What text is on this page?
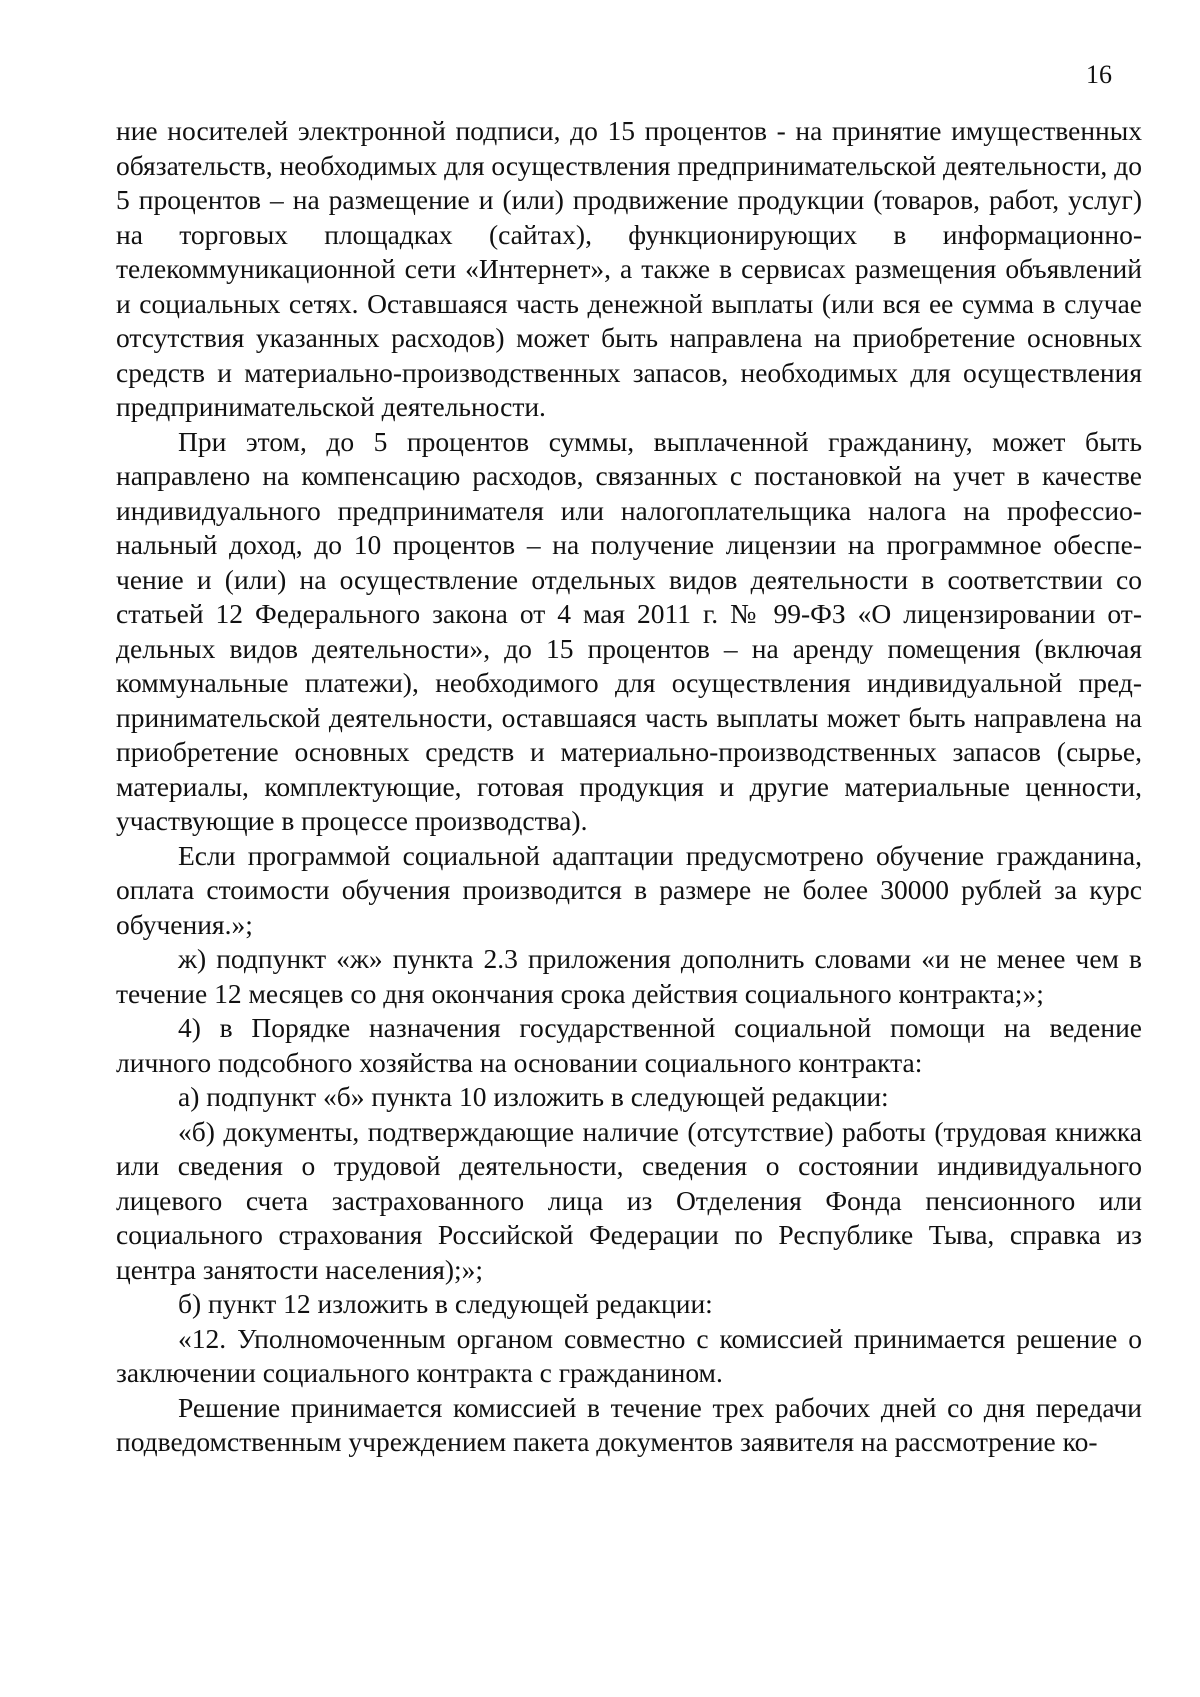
16

ние носителей электронной подписи, до 15 процентов - на принятие имущественных обязательств, необходимых для осуществления предпринимательской деятельности, до 5 процентов – на размещение и (или) продвижение продукции (товаров, работ, услуг) на торговых площадках (сайтах), функционирующих в информационно-телекоммуникационной сети «Интернет», а также в сервисах размещения объявлений и социальных сетях. Оставшаяся часть денежной выплаты (или вся ее сумма в случае отсутствия указанных расходов) может быть направлена на приобретение основных средств и материально-производственных запасов, необходимых для осуществления предпринимательской деятельности.

При этом, до 5 процентов суммы, выплаченной гражданину, может быть направлено на компенсацию расходов, связанных с постановкой на учет в качестве индивидуального предпринимателя или налогоплательщика налога на профессиональный доход, до 10 процентов – на получение лицензии на программное обеспечение и (или) на осуществление отдельных видов деятельности в соответствии со статьей 12 Федерального закона от 4 мая 2011 г. № 99-ФЗ «О лицензировании отдельных видов деятельности», до 15 процентов – на аренду помещения (включая коммунальные платежи), необходимого для осуществления индивидуальной предпринимательской деятельности, оставшаяся часть выплаты может быть направлена на приобретение основных средств и материально-производственных запасов (сырье, материалы, комплектующие, готовая продукция и другие материальные ценности, участвующие в процессе производства).

Если программой социальной адаптации предусмотрено обучение гражданина, оплата стоимости обучения производится в размере не более 30000 рублей за курс обучения.»;

ж) подпункт «ж» пункта 2.3 приложения дополнить словами «и не менее чем в течение 12 месяцев со дня окончания срока действия социального контракта;»;

4) в Порядке назначения государственной социальной помощи на ведение личного подсобного хозяйства на основании социального контракта:

а) подпункт «б» пункта 10 изложить в следующей редакции:

«б) документы, подтверждающие наличие (отсутствие) работы (трудовая книжка или сведения о трудовой деятельности, сведения о состоянии индивидуального лицевого счета застрахованного лица из Отделения Фонда пенсионного или социального страхования Российской Федерации по Республике Тыва, справка из центра занятости населения);»;

б) пункт 12 изложить в следующей редакции:

«12. Уполномоченным органом совместно с комиссией принимается решение о заключении социального контракта с гражданином.

Решение принимается комиссией в течение трех рабочих дней со дня передачи подведомственным учреждением пакета документов заявителя на рассмотрение ко-
